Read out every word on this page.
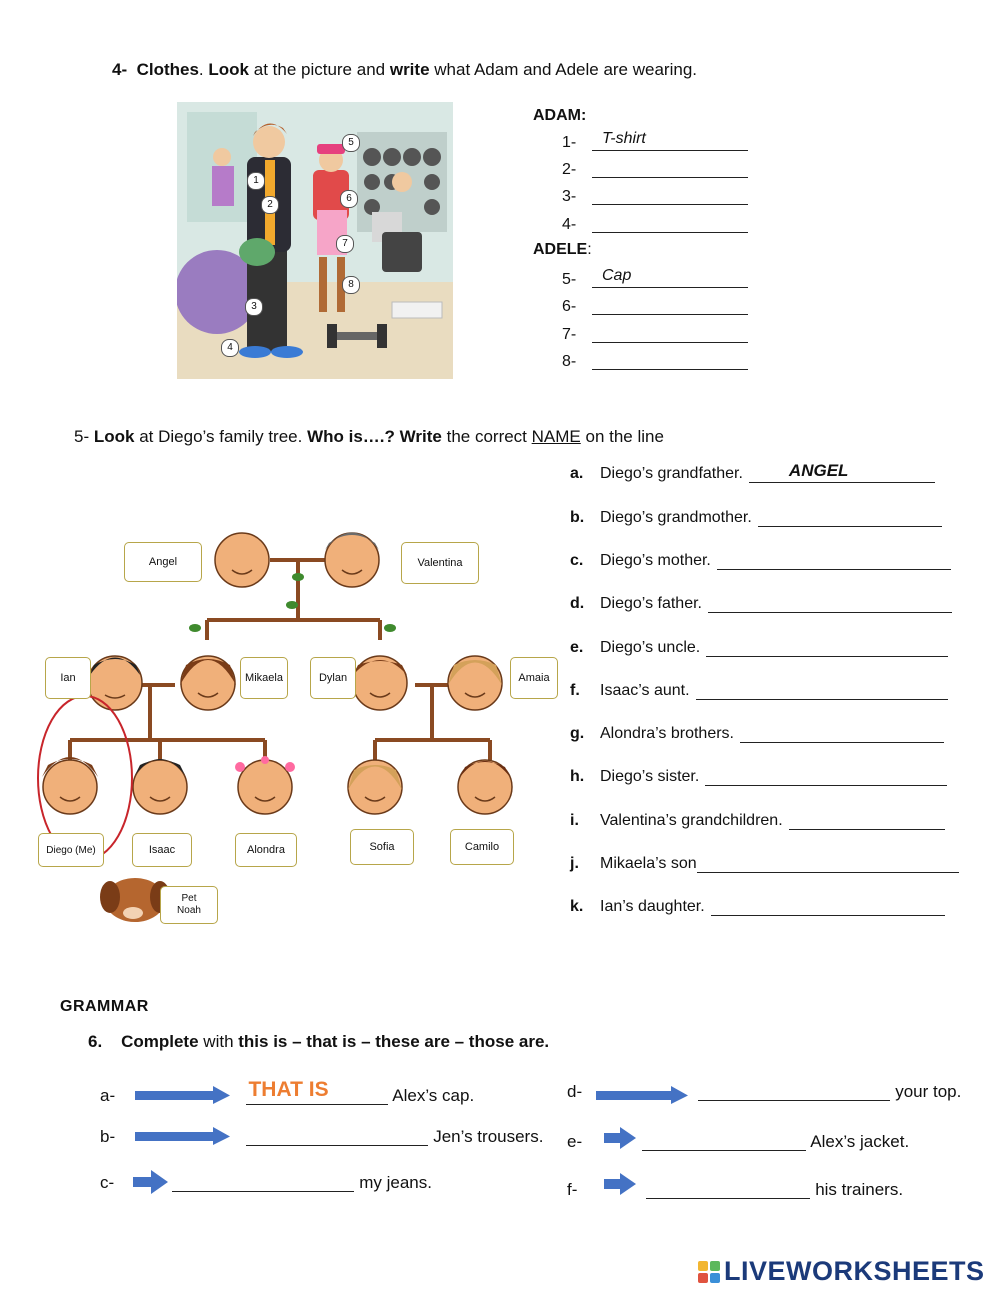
4- Clothes. Look at the picture and write what Adam and Adele are wearing.
1
2
3
4
5
6
7
8
ADAM:
1- T-shirt
2-
3-
4-
ADELE:
5- Cap
6-
7-
8-
5- Look at Diego’s family tree. Who is….? Write the correct NAME on the line
Angel	Valentina
Ian	Mikaela	Dylan	Amaia
Diego (Me)	Isaac	Alondra	Sofia	Camilo
Pet
Noah
a.	Diego’s grandfather.	ANGEL
b. Diego’s grandmother.
c.	Diego’s mother.
d. Diego’s father.
e.	Diego’s uncle.
f.	Isaac’s aunt.
g. Alondra’s brothers.
h. Diego’s sister.
i.	Valentina’s grandchildren.
j.	Mikaela’s son
k.	Ian’s daughter.
GRAMMAR
6. Complete with this is – that is – these are – those are.
a-	THAT IS	Alex’s cap.
b-	Jen’s trousers.
c-	my jeans.
d-	your top.
e-	Alex’s jacket.
f-	his trainers.
LIVEWORKSHEETS
